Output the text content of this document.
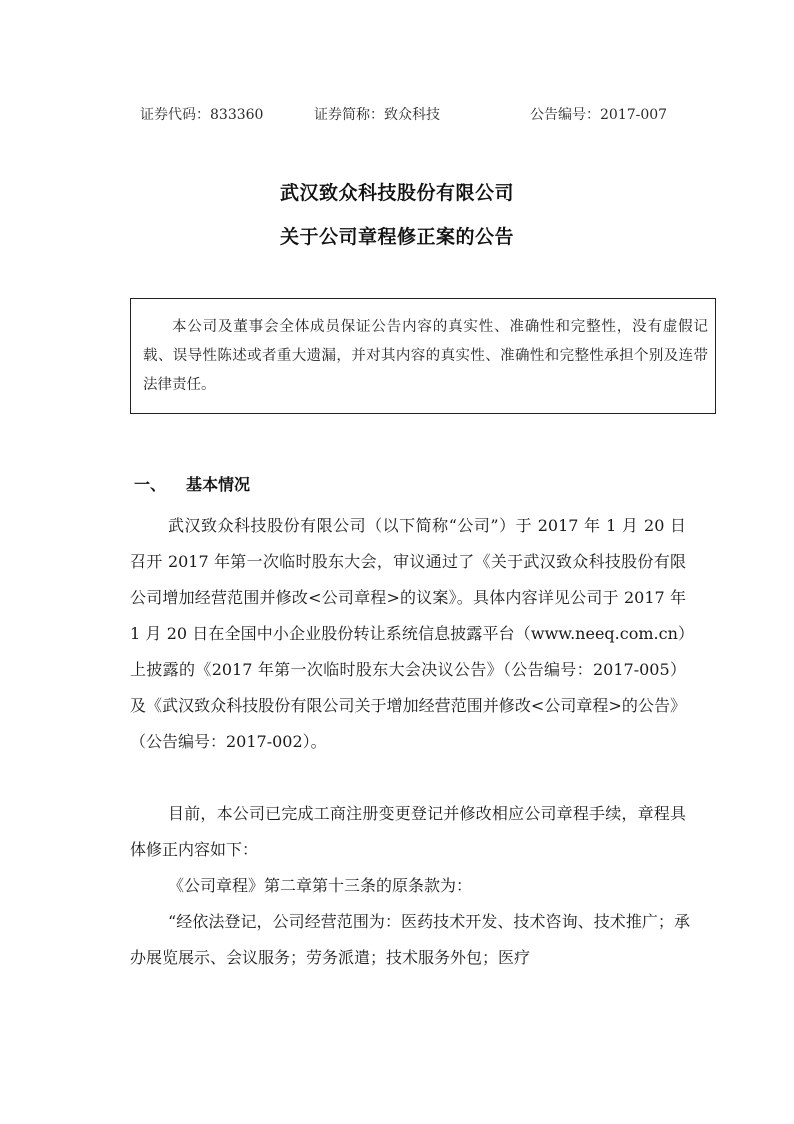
证券代码：833360	证券简称：致众科技	公告编号：2017-007
武汉致众科技股份有限公司
关于公司章程修正案的公告
本公司及董事会全体成员保证公告内容的真实性、准确性和完整性，没有虚假记载、误导性陈述或者重大遗漏，并对其内容的真实性、准确性和完整性承担个别及连带法律责任。
一、 基本情况
武汉致众科技股份有限公司（以下简称“公司”）于 2017 年 1 月 20 日召开 2017 年第一次临时股东大会，审议通过了《关于武汉致众科技股份有限公司增加经营范围并修改<公司章程>的议案》。具体内容详见公司于 2017 年 1 月 20 日在全国中小企业股份转让系统信息披露平台（www.neeq.com.cn）上披露的《2017 年第一次临时股东大会决议公告》（公告编号：2017-005）及《武汉致众科技股份有限公司关于增加经营范围并修改<公司章程>的公告》（公告编号：2017-002）。
目前，本公司已完成工商注册变更登记并修改相应公司章程手续，章程具体修正内容如下：
《公司章程》第二章第十三条的原条款为：
“经依法登记，公司经营范围为：医药技术开发、技术咨询、技术推广；承办展览展示、会议服务；劳务派遣；技术服务外包；医疗
